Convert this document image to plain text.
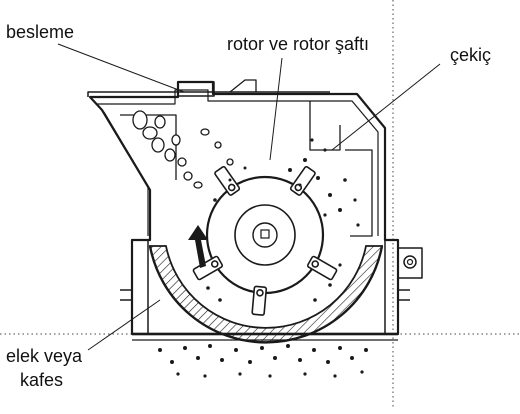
besleme
rotor ve rotor şaftı
çekiç
elek veya
kafes
